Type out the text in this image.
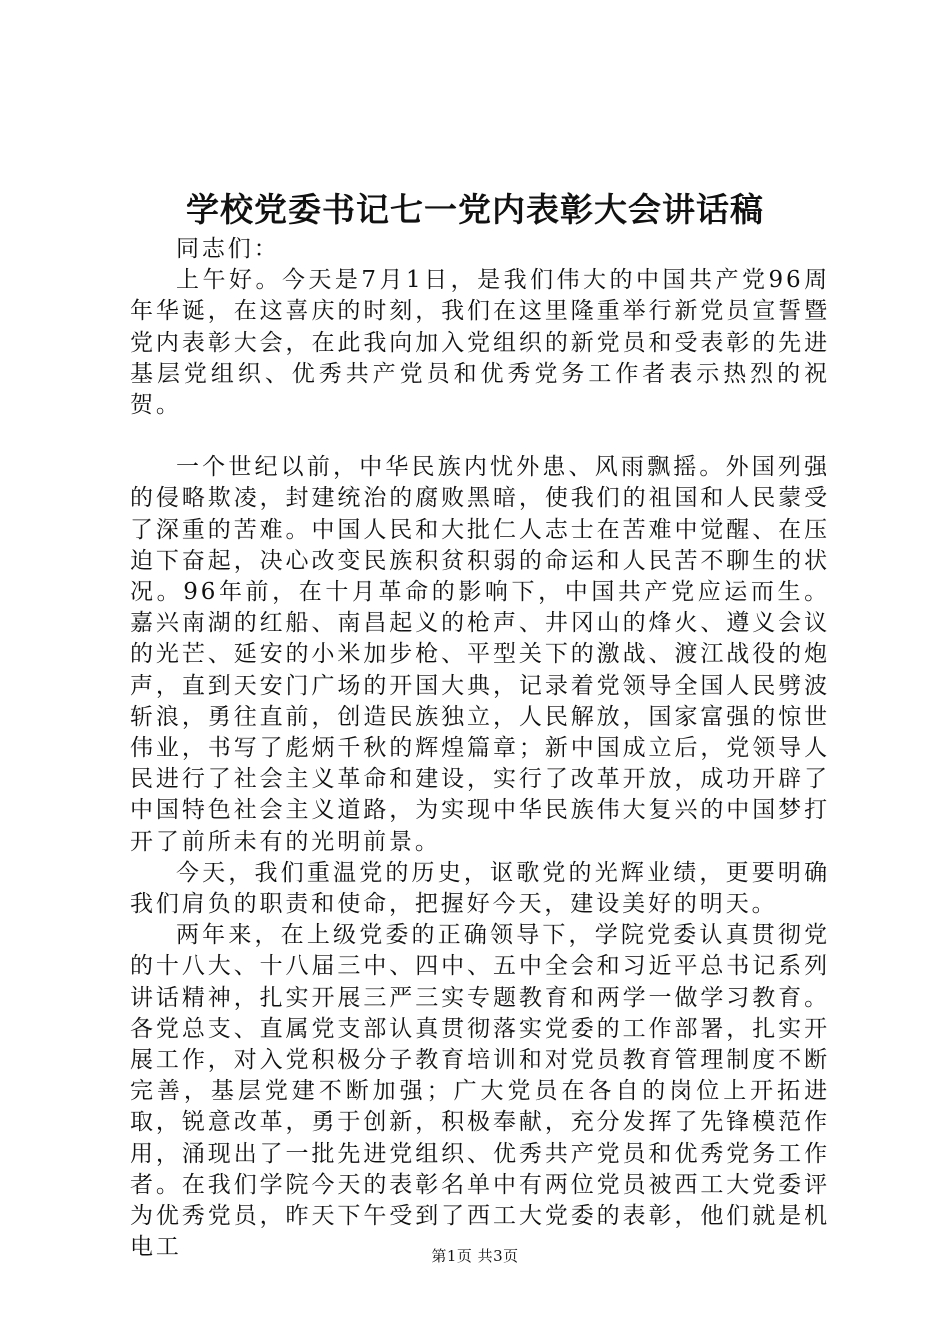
学校党委书记七一党内表彰大会讲话稿

同志们：

上午好。今天是7月1日，是我们伟大的中国共产党96周年华诞，在这喜庆的时刻，我们在这里隆重举行新党员宣誓暨党内表彰大会，在此我向加入党组织的新党员和受表彰的先进基层党组织、优秀共产党员和优秀党务工作者表示热烈的祝贺。

一个世纪以前，中华民族内忧外患、风雨飘摇。外国列强的侵略欺凌，封建统治的腐败黑暗，使我们的祖国和人民蒙受了深重的苦难。中国人民和大批仁人志士在苦难中觉醒、在压迫下奋起，决心改变民族积贫积弱的命运和人民苦不聊生的状况。96年前，在十月革命的影响下，中国共产党应运而生。嘉兴南湖的红船、南昌起义的枪声、井冈山的烽火、遵义会议的光芒、延安的小米加步枪、平型关下的激战、渡江战役的炮声，直到天安门广场的开国大典，记录着党领导全国人民劈波斩浪，勇往直前，创造民族独立，人民解放，国家富强的惊世伟业，书写了彪炳千秋的辉煌篇章；新中国成立后，党领导人民进行了社会主义革命和建设，实行了改革开放，成功开辟了中国特色社会主义道路，为实现中华民族伟大复兴的中国梦打开了前所未有的光明前景。

今天，我们重温党的历史，讴歌党的光辉业绩，更要明确我们肩负的职责和使命，把握好今天，建设美好的明天。

两年来，在上级党委的正确领导下，学院党委认真贯彻党的十八大、十八届三中、四中、五中全会和习近平总书记系列讲话精神，扎实开展三严三实专题教育和两学一做学习教育。各党总支、直属党支部认真贯彻落实党委的工作部署，扎实开展工作，对入党积极分子教育培训和对党员教育管理制度不断完善，基层党建不断加强；广大党员在各自的岗位上开拓进取，锐意改革，勇于创新，积极奉献，充分发挥了先锋模范作用，涌现出了一批先进党组织、优秀共产党员和优秀党务工作者。在我们学院今天的表彰名单中有两位党员被西工大党委评为优秀党员，昨天下午受到了西工大党委的表彰，他们就是机电工	第1页 共3页
